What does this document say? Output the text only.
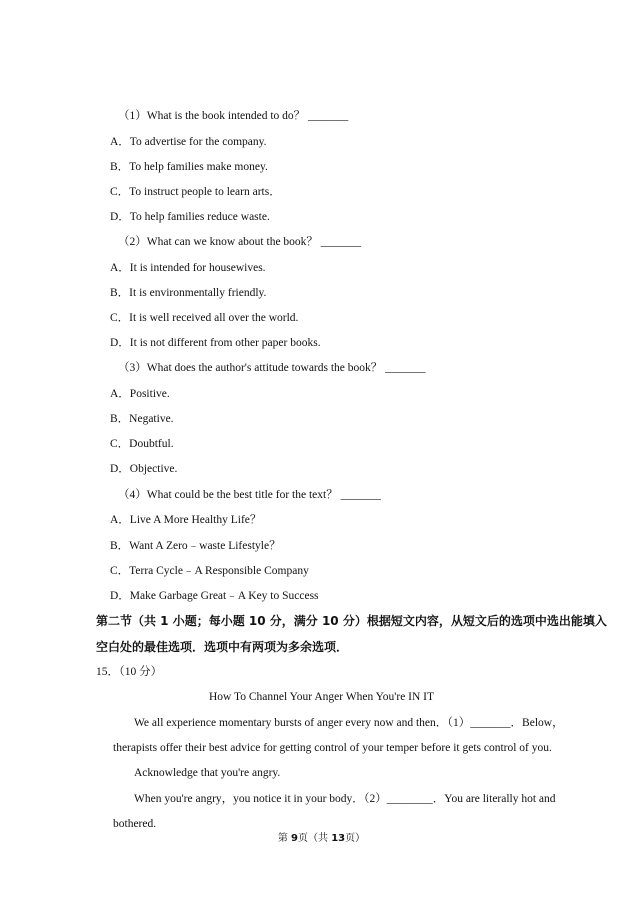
（1）What is the book intended to do？ _______
A．To advertise for the company.
B．To help families make money.
C．To instruct people to learn arts．
D．To help families reduce waste.
（2）What can we know about the book？ _______
A．It is intended for housewives.
B．It is environmentally friendly.
C．It is well received all over the world.
D．It is not different from other paper books.
（3）What does the author's attitude towards the book？ _______
A．Positive.
B．Negative.
C．Doubtful.
D．Objective.
（4）What could be the best title for the text？ _______
A．Live A More Healthy Life？
B．Want A Zero﹣waste Lifestyle？
C．Terra Cycle﹣A Responsible Company
D．Make Garbage Great﹣A Key to Success
第二节（共 1 小题；每小题 10 分，满分 10 分）根据短文内容，从短文后的选项中选出能填入
空白处的最佳选项．选项中有两项为多余选项．
15．（10 分）
How To Channel Your Anger When You're IN IT
We all experience momentary bursts of anger every now and then．（1）_______．Below，
therapists offer their best advice for getting control of your temper before it gets control of you.
Acknowledge that you're angry.
When you're angry，you notice it in your body．（2）________．You are literally hot and
bothered.
第 9页（共 13页）
